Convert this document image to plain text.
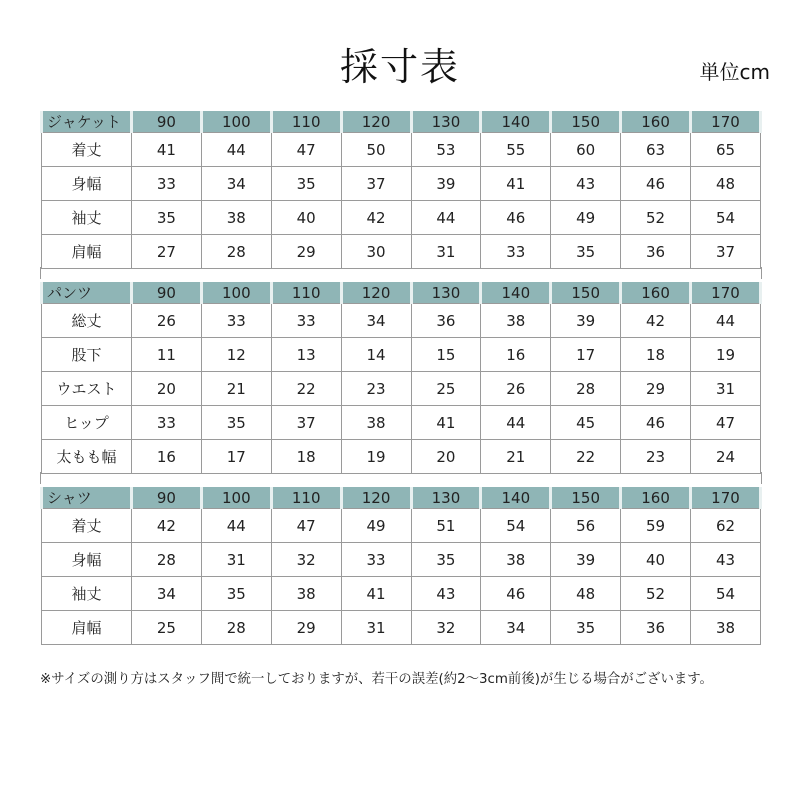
採寸表	単位cm
ジャケット	90	100	110	120	130	140	150	160	170
着丈	41	44	47	50	53	55	60	63	65
身幅	33	34	35	37	39	41	43	46	48
袖丈	35	38	40	42	44	46	49	52	54
肩幅	27	28	29	30	31	33	35	36	37
パンツ	90	100	110	120	130	140	150	160	170
総丈	26	33	33	34	36	38	39	42	44
股下	11	12	13	14	15	16	17	18	19
ウエスト	20	21	22	23	25	26	28	29	31
ヒップ	33	35	37	38	41	44	45	46	47
太もも幅	16	17	18	19	20	21	22	23	24
シャツ	90	100	110	120	130	140	150	160	170
着丈	42	44	47	49	51	54	56	59	62
身幅	28	31	32	33	35	38	39	40	43
袖丈	34	35	38	41	43	46	48	52	54
肩幅	25	28	29	31	32	34	35	36	38
※サイズの測り方はスタッフ間で統一しておりますが、若干の誤差(約2～3cm前後)が生じる場合がございます。
